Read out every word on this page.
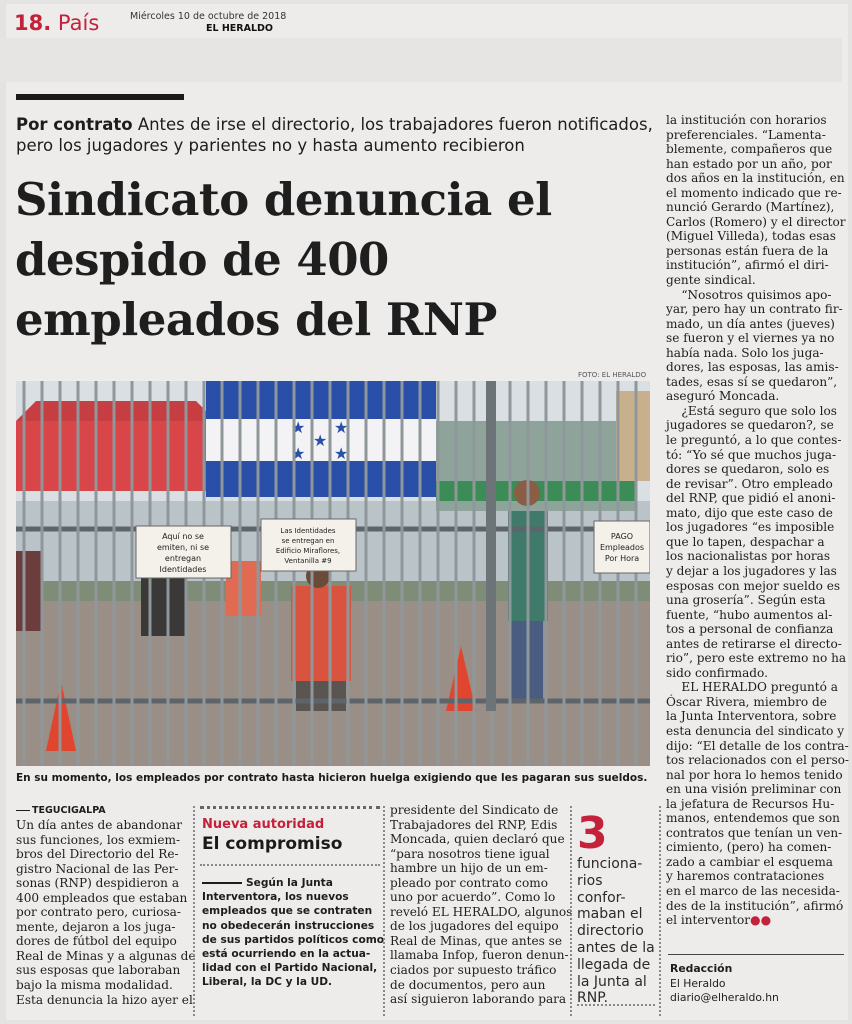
18. País	Miércoles 10 de octubre de 2018
EL HERALDO
Por contrato Antes de irse el directorio, los trabajadores fueron notificados, pero los jugadores y parientes no y hasta aumento recibieron
Sindicato denuncia el despido de 400 empleados del RNP
FOTO: EL HERALDO
★ ★
★
★ ★
Aquí no se emiten, ni se entregan Identidades
Las Identidades se entregan en Edificio Miraflores, Ventanilla #9
PAGO Empleados Por Hora
En su momento, los empleados por contrato hasta hicieron huelga exigiendo que les pagaran sus sueldos.
la institución con horarios
preferenciales. “Lamenta-
blemente, compañeros que
han estado por un año, por
dos años en la institución, en
el momento indicado que re-
nunció Gerardo (Martínez),
Carlos (Romero) y el director
(Miguel Villeda), todas esas
personas están fuera de la
institución”, afirmó el diri-
gente sindical.
“Nosotros quisimos apo-
yar, pero hay un contrato fir-
mado, un día antes (jueves)
se fueron y el viernes ya no
había nada. Solo los juga-
dores, las esposas, las amis-
tades, esas sí se quedaron”,
aseguró Moncada.
¿Está seguro que solo los
jugadores se quedaron?, se
le preguntó, a lo que contes-
tó: “Yo sé que muchos juga-
dores se quedaron, solo es
de revisar”. Otro empleado
del RNP, que pidió el anoni-
mato, dijo que este caso de
los jugadores “es imposible
que lo tapen, despachar a
los nacionalistas por horas
y dejar a los jugadores y las
esposas con mejor sueldo es
una grosería”. Según esta
fuente, “hubo aumentos al-
tos a personal de confianza
antes de retirarse el directo-
rio”, pero este extremo no ha
sido confirmado.
EL HERALDO preguntó a
Óscar Rivera, miembro de
la Junta Interventora, sobre
esta denuncia del sindicato y
dijo: “El detalle de los contra-
tos relacionados con el perso-
nal por hora lo hemos tenido
en una visión preliminar con
la jefatura de Recursos Hu-
manos, entendemos que son
contratos que tenían un ven-
cimiento, (pero) ha comen-
zado a cambiar el esquema
y haremos contrataciones
en el marco de las necesida-
des de la institución”, afirmó
el interventor●●
TEGUCIGALPA
Un día antes de abandonar
sus funciones, los exmiem-
bros del Directorio del Re-
gistro Nacional de las Per-
sonas (RNP) despidieron a
400 empleados que estaban
por contrato pero, curiosa-
mente, dejaron a los juga-
dores de fútbol del equipo
Real de Minas y a algunas de
sus esposas que laboraban
bajo la misma modalidad.
Esta denuncia la hizo ayer el
Nueva autoridad
El compromiso
Según la Junta
Interventora, los nuevos
empleados que se contraten
no obedecerán instrucciones
de sus partidos políticos como
está ocurriendo en la actua-
lidad con el Partido Nacional,
Liberal, la DC y la UD.
presidente del Sindicato de
Trabajadores del RNP, Edis
Moncada, quien declaró que
“para nosotros tiene igual
hambre un hijo de un em-
pleado por contrato como
uno por acuerdo”. Como lo
reveló EL HERALDO, algunos
de los jugadores del equipo
Real de Minas, que antes se
llamaba Infop, fueron denun-
ciados por supuesto tráfico
de documentos, pero aun
así siguieron laborando para
3
funciona-
rios
confor-
maban el
directorio
antes de la
llegada de
la Junta al
RNP.
Redacción
El Heraldo
diario@elheraldo.hn
